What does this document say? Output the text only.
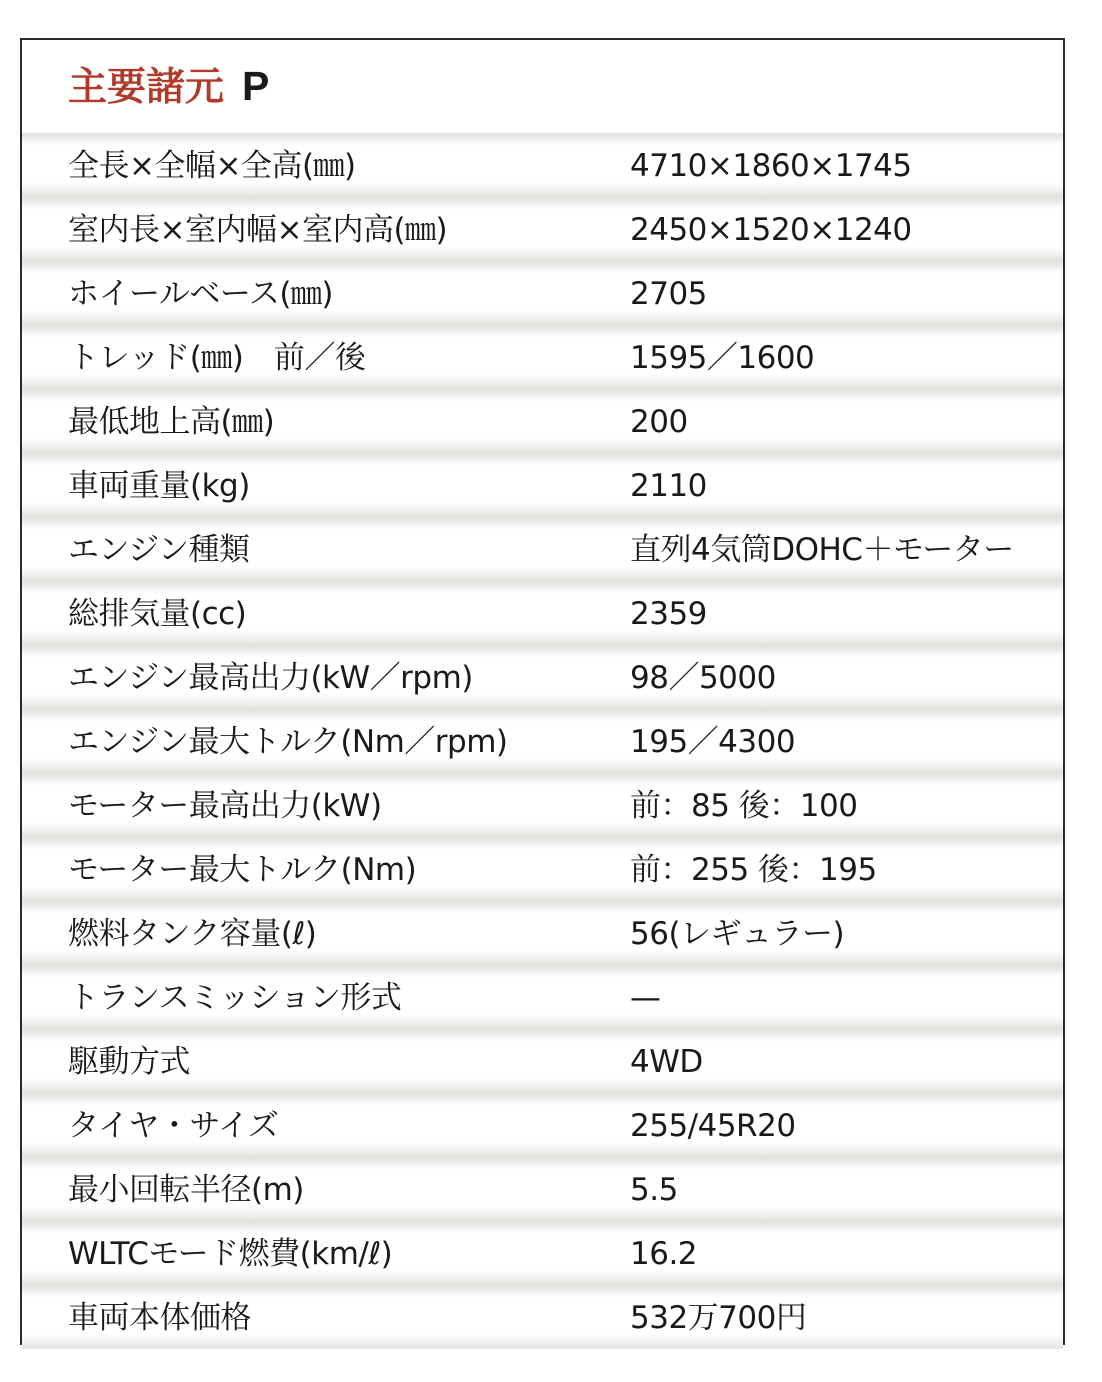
主要諸元 P
全長×全幅×全高(㎜)	4710×1860×1745
室内長×室内幅×室内高(㎜)	2450×1520×1240
ホイールベース(㎜)	2705
トレッド(㎜)　前／後	1595／1600
最低地上高(㎜)	200
車両重量(kg)	2110
エンジン種類	直列4気筒DOHC＋モーター
総排気量(cc)	2359
エンジン最高出力(kW／rpm)	98／5000
エンジン最大トルク(Nm／rpm)	195／4300
モーター最高出力(kW)	前：85 後：100
モーター最大トルク(Nm)	前：255 後：195
燃料タンク容量(ℓ)	56(レギュラー)
トランスミッション形式	—
駆動方式	4WD
タイヤ・サイズ	255/45R20
最小回転半径(m)	5.5
WLTCモード燃費(km/ℓ)	16.2
車両本体価格	532万700円
